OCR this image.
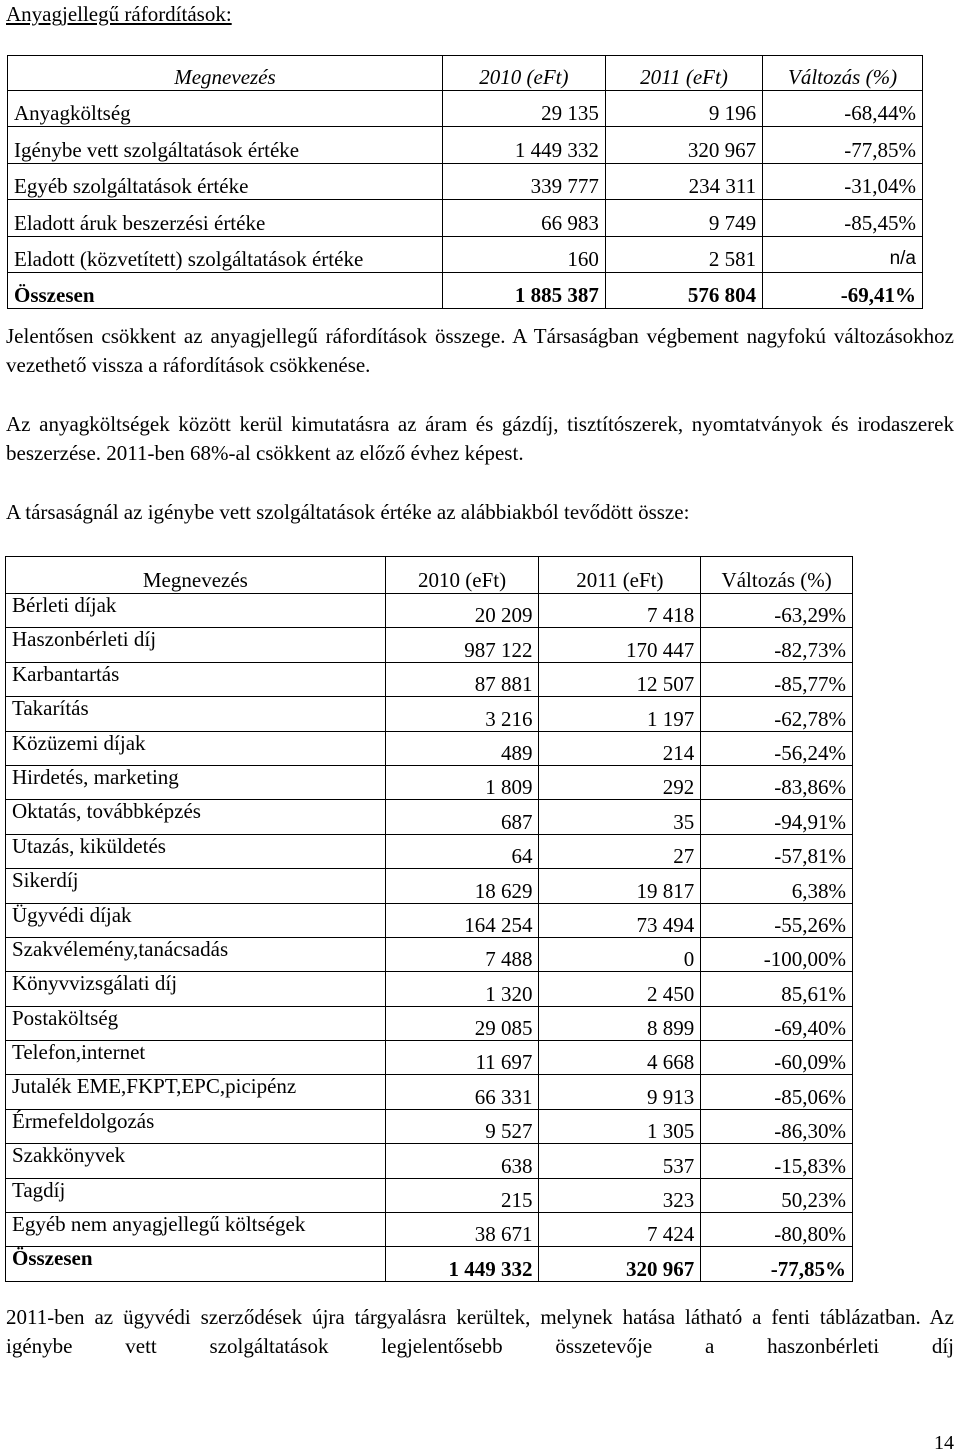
Anyagjellegű ráfordítások:
Megnevezés	2010 (eFt)	2011 (eFt)	Változás (%)
Anyagköltség	29 135	9 196	-68,44%
Igénybe vett szolgáltatások értéke	1 449 332	320 967	-77,85%
Egyéb szolgáltatások értéke	339 777	234 311	-31,04%
Eladott áruk beszerzési értéke	66 983	9 749	-85,45%
Eladott (közvetített) szolgáltatások értéke	160	2 581	n/a
Összesen	1 885 387	576 804	-69,41%
Jelentősen csökkent az anyagjellegű ráfordítások összege. A Társaságban végbement nagyfokú változásokhoz vezethető vissza a ráfordítások csökkenése.
Az anyagköltségek között kerül kimutatásra az áram és gázdíj, tisztítószerek, nyomtatványok és irodaszerek beszerzése. 2011-ben 68%-al csökkent az előző évhez képest.
A társaságnál az igénybe vett szolgáltatások értéke az alábbiakból tevődött össze:
Megnevezés	2010 (eFt)	2011 (eFt)	Változás (%)
Bérleti díjak	20 209	7 418	-63,29%
Haszonbérleti díj	987 122	170 447	-82,73%
Karbantartás	87 881	12 507	-85,77%
Takarítás	3 216	1 197	-62,78%
Közüzemi díjak	489	214	-56,24%
Hirdetés, marketing	1 809	292	-83,86%
Oktatás, továbbképzés	687	35	-94,91%
Utazás, kiküldetés	64	27	-57,81%
Sikerdíj	18 629	19 817	6,38%
Ügyvédi díjak	164 254	73 494	-55,26%
Szakvélemény,tanácsadás	7 488	0	-100,00%
Könyvvizsgálati díj	1 320	2 450	85,61%
Postaköltség	29 085	8 899	-69,40%
Telefon,internet	11 697	4 668	-60,09%
Jutalék EME,FKPT,EPC,picipénz	66 331	9 913	-85,06%
Érmefeldolgozás	9 527	1 305	-86,30%
Szakkönyvek	638	537	-15,83%
Tagdíj	215	323	50,23%
Egyéb nem anyagjellegű költségek	38 671	7 424	-80,80%
Összesen	1 449 332	320 967	-77,85%
2011-ben az ügyvédi szerződések újra tárgyalásra kerültek, melynek hatása látható a fenti táblázatban. Az igénybe vett szolgáltatások legjelentősebb összetevője a haszonbérleti díj
14
